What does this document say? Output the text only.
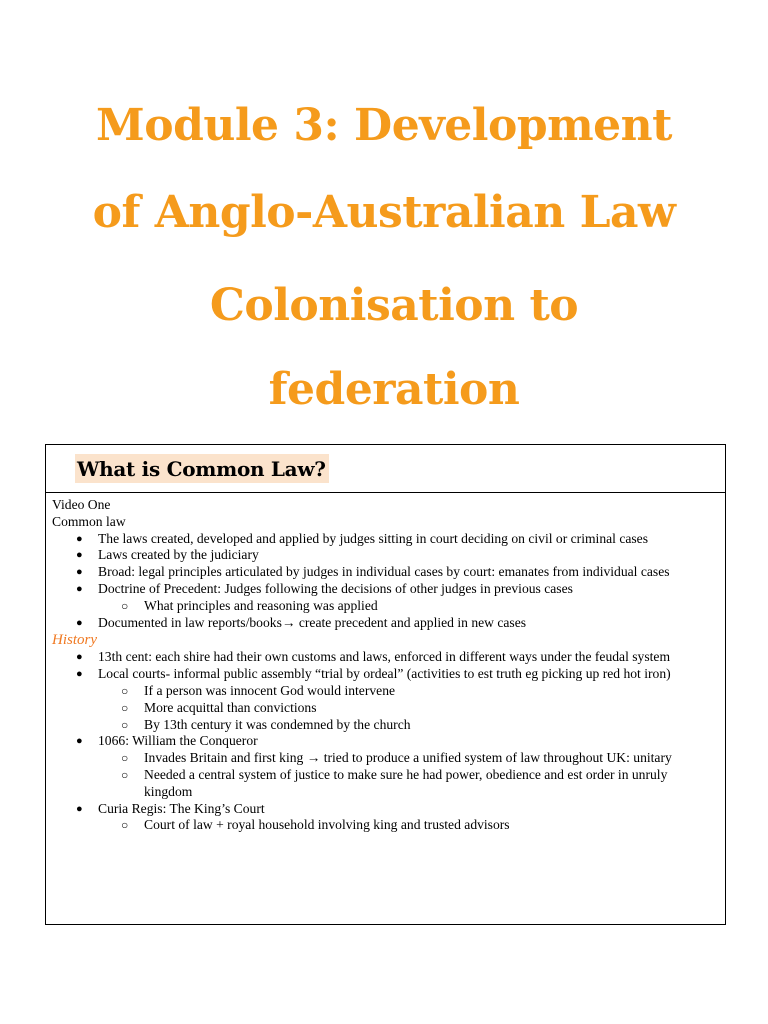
Module 3: Development
of Anglo-Australian Law
Colonisation to
federation
What is Common Law?

Video One

Common law

● The laws created, developed and applied by judges sitting in court deciding on civil or criminal cases
● Laws created by the judiciary
● Broad: legal principles articulated by judges in individual cases by court: emanates from individual cases
● Doctrine of Precedent: Judges following the decisions of other judges in previous cases
○ What principles and reasoning was applied
● Documented in law reports/books→ create precedent and applied in new cases

History

● 13th cent: each shire had their own customs and laws, enforced in different ways under the feudal system
● Local courts- informal public assembly “trial by ordeal” (activities to est truth eg picking up red hot iron)
○ If a person was innocent God would intervene
○ More acquittal than convictions
○ By 13th century it was condemned by the church
● 1066: William the Conqueror
○ Invades Britain and first king → tried to produce a unified system of law throughout UK: unitary
○ Needed a central system of justice to make sure he had power, obedience and est order in unruly kingdom
● Curia Regis: The King’s Court
○ Court of law + royal household involving king and trusted advisors
